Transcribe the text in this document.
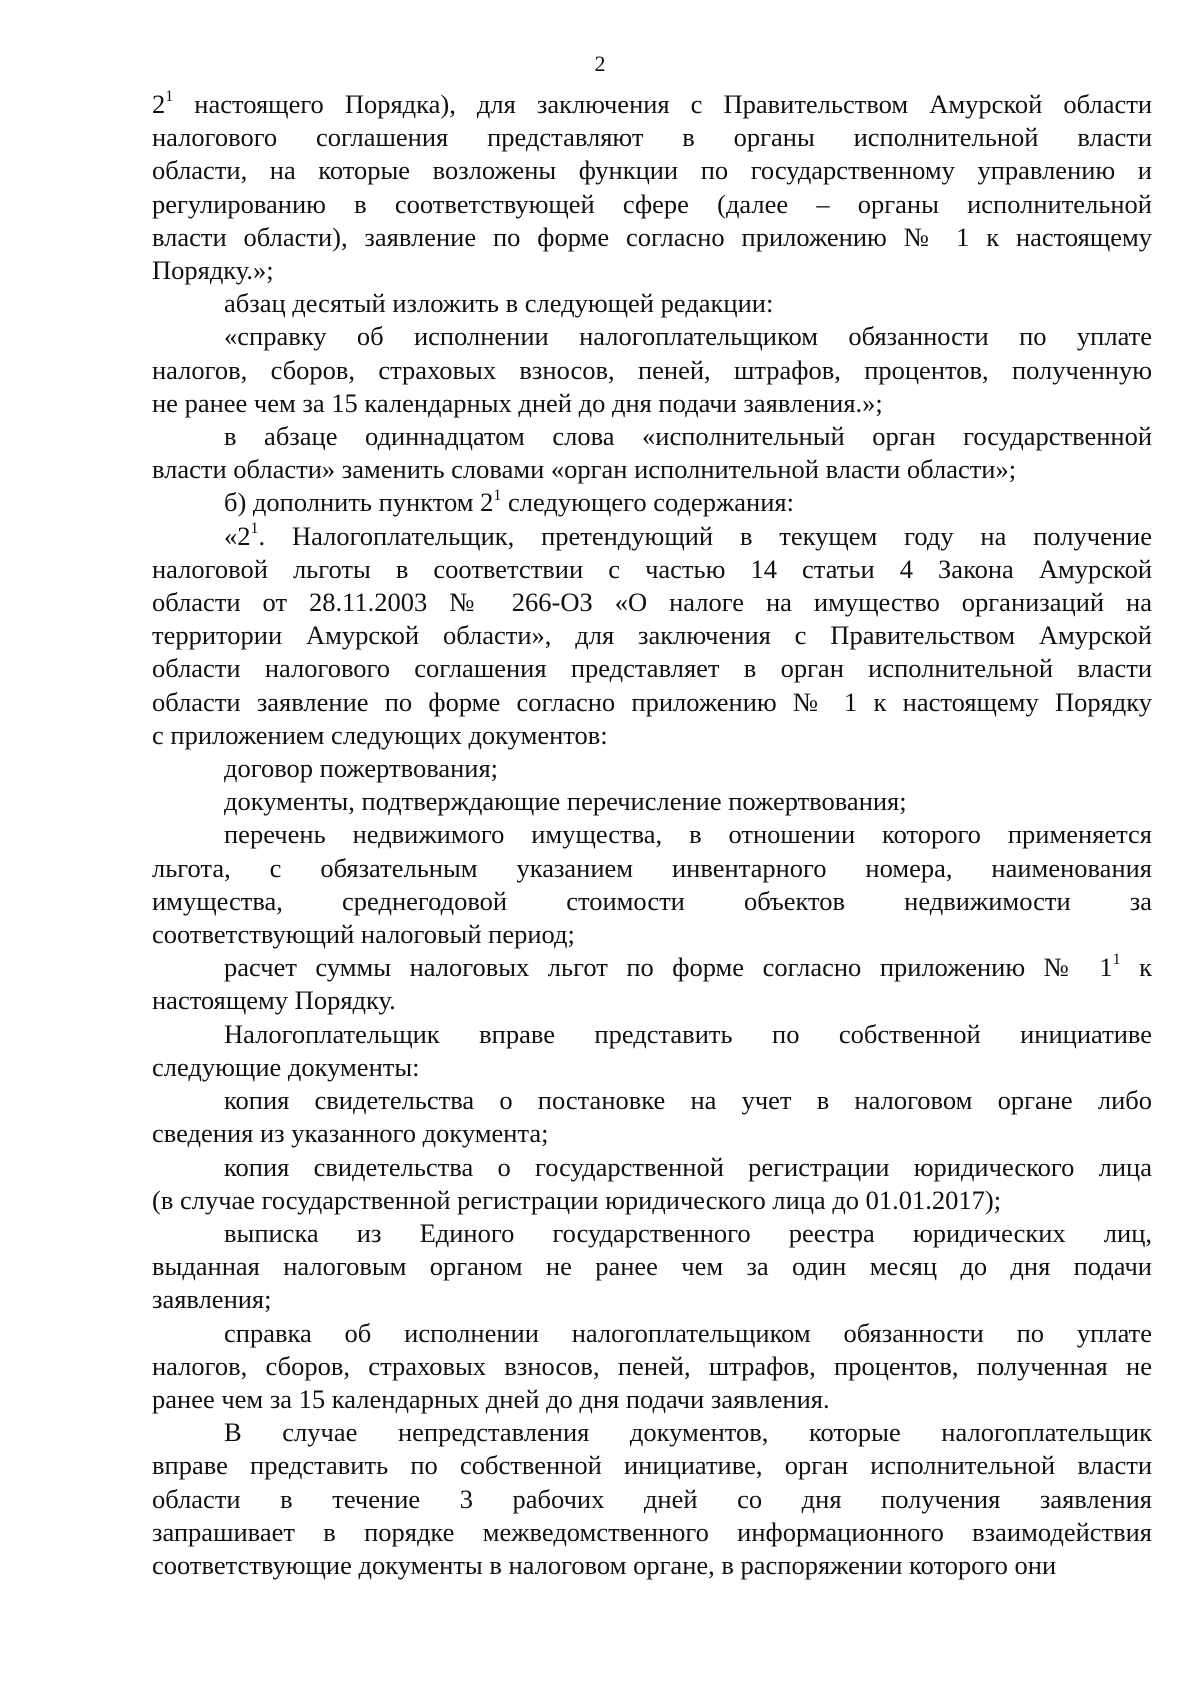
2
$2^1$ настоящего Порядка), для заключения с Правительством Амурской области
налогового соглашения представляют в органы исполнительной власти
области, на которые возложены функции по государственному управлению и
регулированию в соответствующей сфере (далее – органы исполнительной
власти области), заявление по форме согласно приложению № 1 к настоящему
Порядку.»;
абзац десятый изложить в следующей редакции:
«справку об исполнении налогоплательщиком обязанности по уплате
налогов, сборов, страховых взносов, пеней, штрафов, процентов, полученную
не ранее чем за 15 календарных дней до дня подачи заявления.»;
в абзаце одиннадцатом слова «исполнительный орган государственной
власти области» заменить словами «орган исполнительной власти области»;
б) дополнить пунктом $2^1$ следующего содержания:
«$2^1$. Налогоплательщик, претендующий в текущем году на получение
налоговой льготы в соответствии с частью 14 статьи 4 Закона Амурской
области от 28.11.2003 № 266-ОЗ «О налоге на имущество организаций на
территории Амурской области», для заключения с Правительством Амурской
области налогового соглашения представляет в орган исполнительной власти
области заявление по форме согласно приложению № 1 к настоящему Порядку
с приложением следующих документов:
договор пожертвования;
документы, подтверждающие перечисление пожертвования;
перечень недвижимого имущества, в отношении которого применяется
льгота, с обязательным указанием инвентарного номера, наименования
имущества, среднегодовой стоимости объектов недвижимости за
соответствующий налоговый период;
расчет суммы налоговых льгот по форме согласно приложению № $1^1$ к
настоящему Порядку.
Налогоплательщик вправе представить по собственной инициативе
следующие документы:
копия свидетельства о постановке на учет в налоговом органе либо
сведения из указанного документа;
копия свидетельства о государственной регистрации юридического лица
(в случае государственной регистрации юридического лица до 01.01.2017);
выписка из Единого государственного реестра юридических лиц,
выданная налоговым органом не ранее чем за один месяц до дня подачи
заявления;
справка об исполнении налогоплательщиком обязанности по уплате
налогов, сборов, страховых взносов, пеней, штрафов, процентов, полученная не
ранее чем за 15 календарных дней до дня подачи заявления.
В случае непредставления документов, которые налогоплательщик
вправе представить по собственной инициативе, орган исполнительной власти
области в течение 3 рабочих дней со дня получения заявления
запрашивает в порядке межведомственного информационного взаимодействия
соответствующие документы в налоговом органе, в распоряжении которого они
